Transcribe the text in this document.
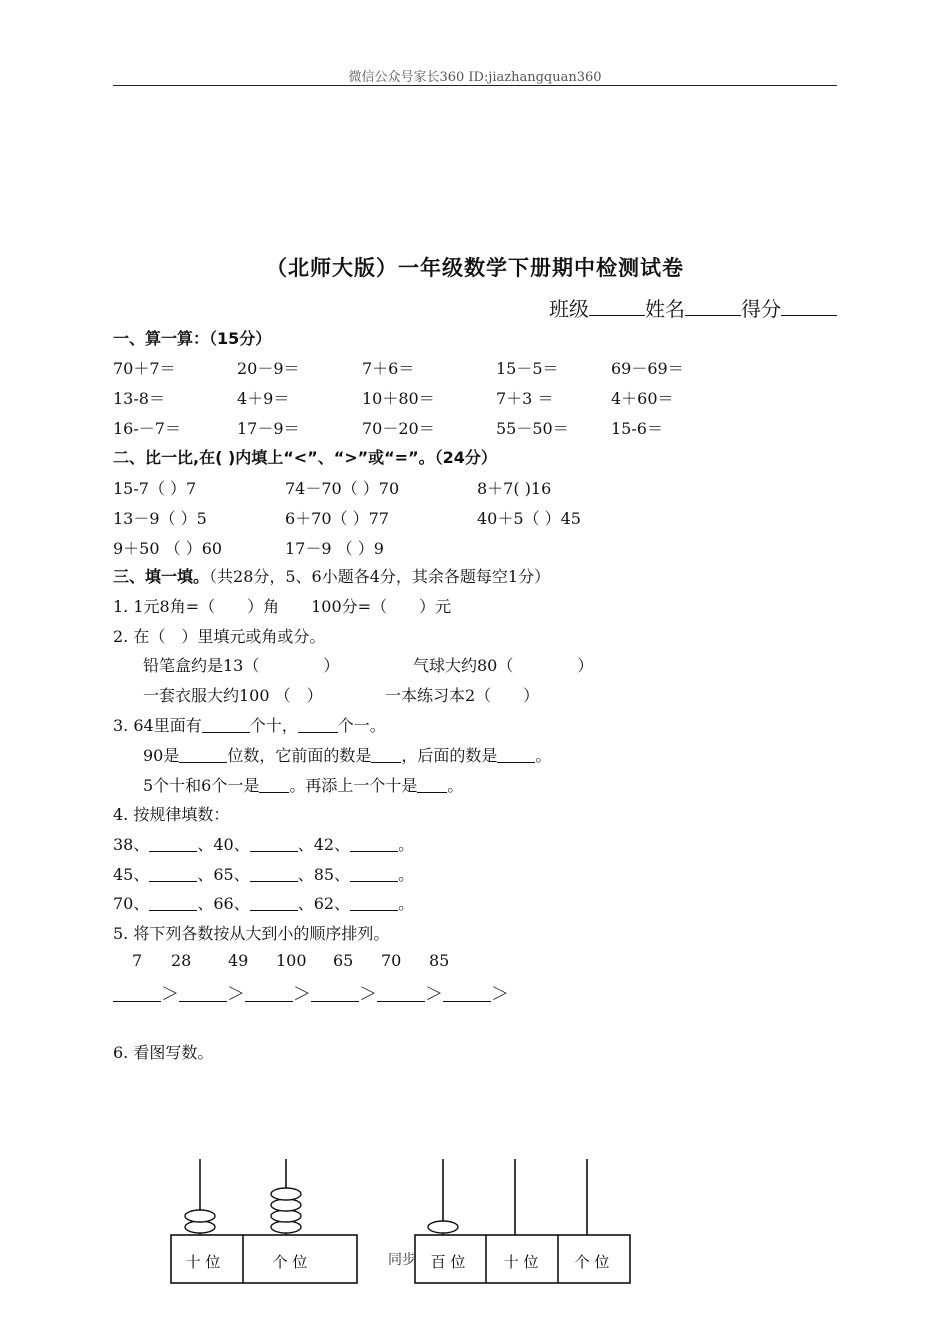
微信公众号家长360 ID:jiazhangquan360
（北师大版）一年级数学下册期中检测试卷
班级	姓名	得分
一、算一算：（15分）
70＋7＝	20－9＝	7＋6＝	15－5＝	69－69＝
13-8＝	4＋9＝	10＋80＝	7＋3 ＝	4＋60＝
16-－7＝	17－9＝	70－20＝	55－50＝	15-6＝
二、比一比,在( )内填上“<”、“>”或“=”。（24分）
15-7（ ）7	74－70（ ）70	8＋7( )16
13－9（ ）5	6＋70（ ）77	40＋5（ ）45
9＋50 （ ）60	17－9 （ ）9
三、填一填。（共28分，5、6小题各4分，其余各题每空1分）
1. 1元8角=（　　）角　　100分=（　　）元
2. 在（　）里填元或角或分。
铅笔盒约是13（　　　　）	气球大约80（　　　　）
一套衣服大约100 （　）	一本练习本2（　　）
3. 64里面有	个十，	个一。
90是	位数，它前面的数是 ，后面的数是 。
5个十和6个一是 。再添上一个十是 。
4. 按规律填数：
38、	、40、	、42、	。
45、	、65、	、85、	。
70、	、66、	、62、	。
5. 将下列各数按从大到小的顺序排列。
7 28 49 100 65 70 85
＞	＞	＞	＞	＞	＞
6. 看图写数。
十 位	个 位	同步 百 位	十 位 个 位
